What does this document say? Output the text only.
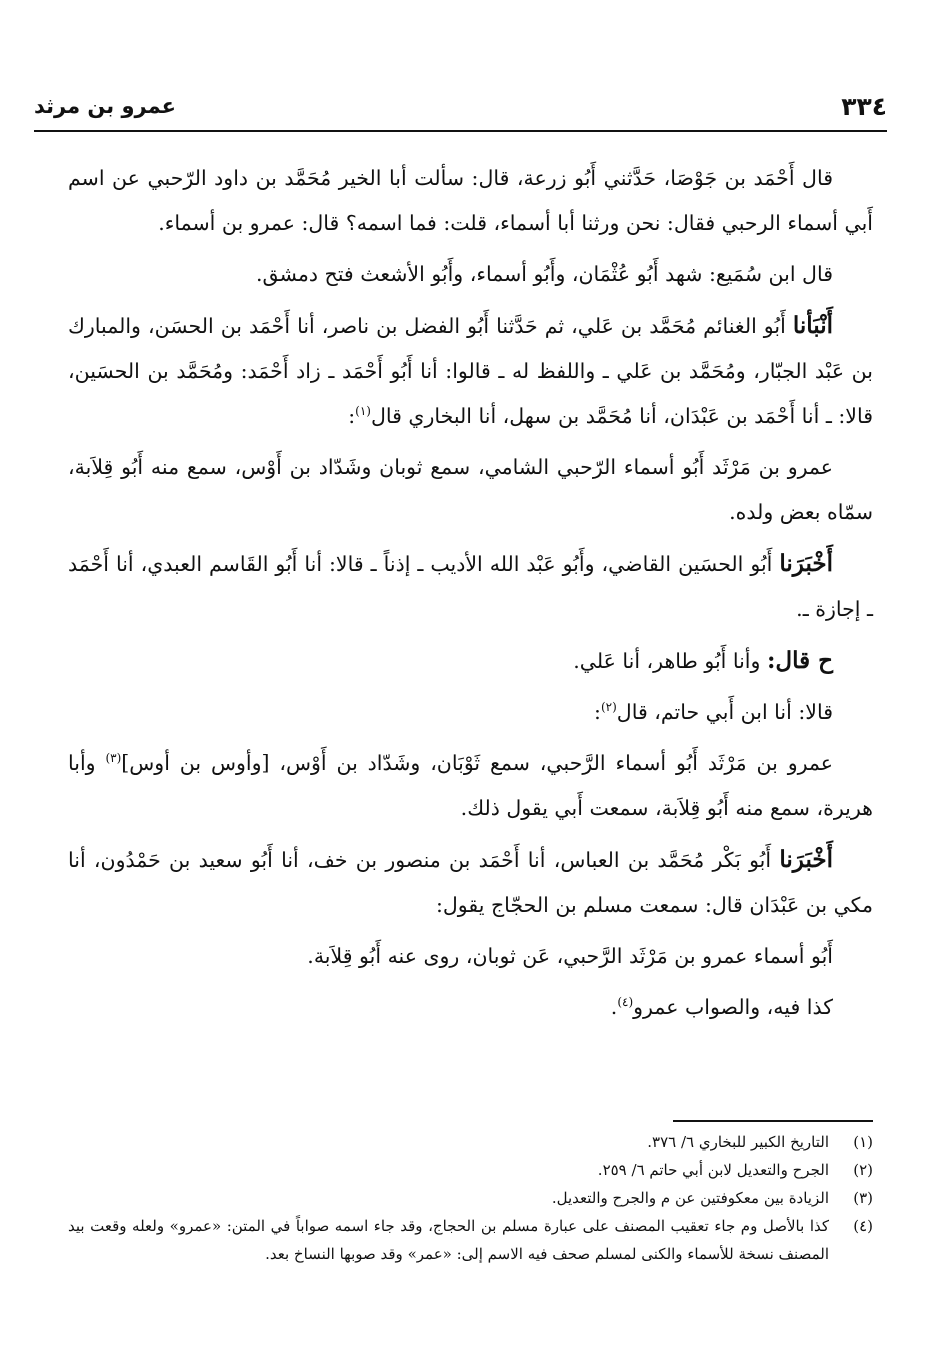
٣٣٤
عمرو بن مرثد

قال أَحْمَد بن جَوْصَا، حَدَّثني أَبُو زرعة، قال: سألت أبا الخير مُحَمَّد بن داود الرّحبي عن اسم أَبي أسماء الرحبي فقال: نحن ورثنا أبا أسماء، قلت: فما اسمه؟ قال: عمرو بن أسماء.

قال ابن سُمَيع: شهد أَبُو عُثْمَان، وأَبُو أسماء، وأَبُو الأشعث فتح دمشق.

أَنْبَأنا أَبُو الغنائم مُحَمَّد بن عَلي، ثم حَدَّثنا أَبُو الفضل بن ناصر، أنا أَحْمَد بن الحسَن، والمبارك بن عَبْد الجبّار، ومُحَمَّد بن عَلي ـ واللفظ له ـ قالوا: أنا أَبُو أَحْمَد ـ زاد أَحْمَد: ومُحَمَّد بن الحسَين، قالا: ـ أنا أَحْمَد بن عَبْدَان، أنا مُحَمَّد بن سهل، أنا البخاري قال$^{(١)}$:

عمرو بن مَرْثَد أَبُو أسماء الرّحبي الشامي، سمع ثوبان وشَدّاد بن أَوْس، سمع منه أَبُو قِلاَبة، سمّاه بعض ولده.

أَخْبَرَنا أَبُو الحسَين القاضي، وأَبُو عَبْد الله الأديب ـ إذناً ـ قالا: أنا أَبُو القَاسم العبدي، أنا أَحْمَد ـ إجازة ـ.

ح قال: وأنا أَبُو طاهر، أنا عَلي.

قالا: أنا ابن أَبي حاتم، قال$^{(٢)}$:

عمرو بن مَرْثَد أَبُو أسماء الرَّحبي، سمع ثَوْبَان، وشَدّاد بن أَوْس، [وأوس بن أوس]$^{(٣)}$ وأبا هريرة، سمع منه أَبُو قِلاَبة، سمعت أَبي يقول ذلك.

أَخْبَرَنا أَبُو بَكْر مُحَمَّد بن العباس، أنا أَحْمَد بن منصور بن خف، أنا أَبُو سعيد بن حَمْدُون، أنا مكي بن عَبْدَان قال: سمعت مسلم بن الحجّاج يقول:

أَبُو أسماء عمرو بن مَرْثَد الرَّحبي، عَن ثوبان، روى عنه أَبُو قِلاَبة.

كذا فيه، والصواب عمرو$^{(٤)}$.

(١)
التاريخ الكبير للبخاري ٦/ ٣٧٦.
(٢)
الجرح والتعديل لابن أبي حاتم ٦/ ٢٥٩.
(٣)
الزيادة بين معكوفتين عن م والجرح والتعديل.
(٤)
كذا بالأصل وم جاء تعقيب المصنف على عبارة مسلم بن الحجاج، وقد جاء اسمه صواباً في المتن: «عمرو» ولعله وقعت بيد المصنف نسخة للأسماء والكنى لمسلم صحف فيه الاسم إلى: «عمر» وقد صوبها النساخ بعد.
